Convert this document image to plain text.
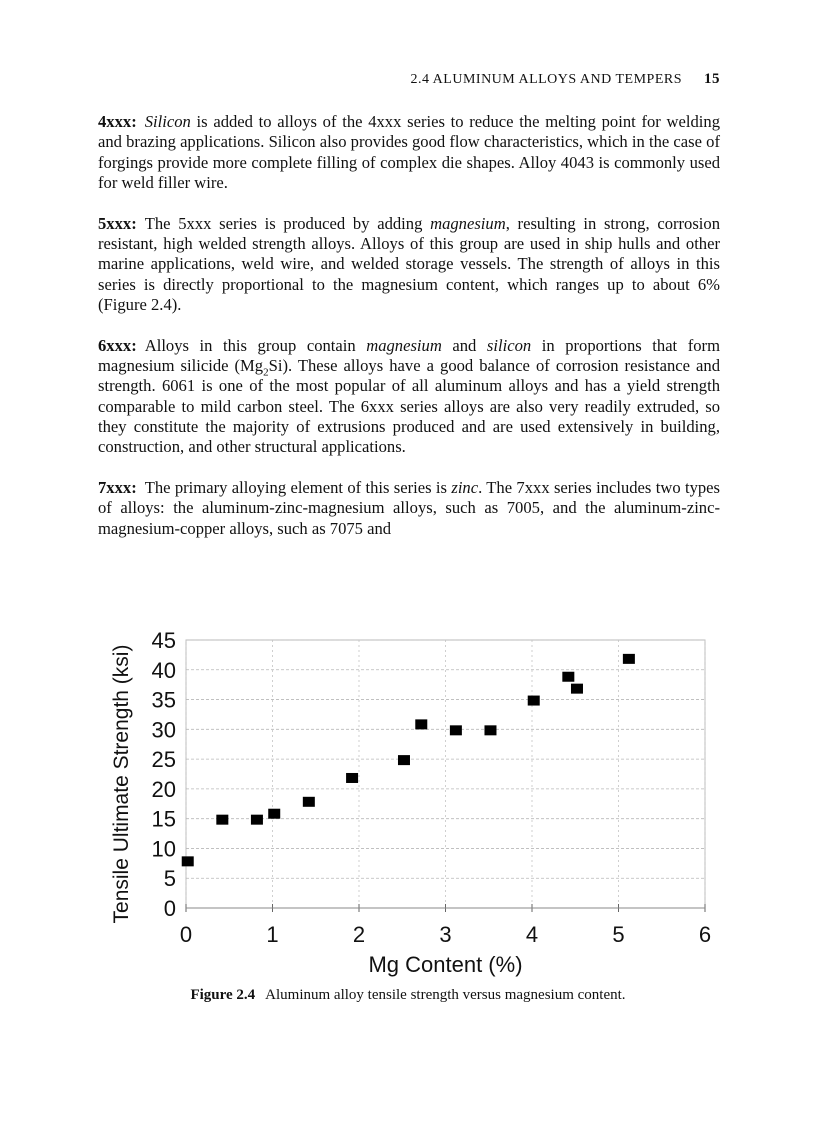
2.4 ALUMINUM ALLOYS AND TEMPERS 15

4xxx: Silicon is added to alloys of the 4xxx series to reduce the melting point for welding and brazing applications. Silicon also provides good flow characteristics, which in the case of forgings provide more complete filling of complex die shapes. Alloy 4043 is commonly used for weld filler wire.

5xxx: The 5xxx series is produced by adding magnesium, resulting in strong, corrosion resistant, high welded strength alloys. Alloys of this group are used in ship hulls and other marine applications, weld wire, and welded storage vessels. The strength of alloys in this series is directly proportional to the magnesium content, which ranges up to about 6% (Figure 2.4).

6xxx: Alloys in this group contain magnesium and silicon in proportions that form magnesium silicide $(Mg_2Si)$. These alloys have a good balance of corrosion resistance and strength. 6061 is one of the most popular of all aluminum alloys and has a yield strength comparable to mild carbon steel. The 6xxx series alloys are also very readily extruded, so they constitute the majority of extrusions produced and are used extensively in building, construction, and other structural applications.

7xxx: The primary alloying element of this series is zinc. The 7xxx series includes two types of alloys: the aluminum-zinc-magnesium alloys, such as 7005, and the aluminum-zinc-magnesium-copper alloys, such as 7075 and

0
5
10
15
20
25
30
35
40
45
0	1	2	3	4	5	6
Mg Content (%)
Tensile Ultimate Strength (ksi)
Figure 2.4 Aluminum alloy tensile strength versus magnesium content.
